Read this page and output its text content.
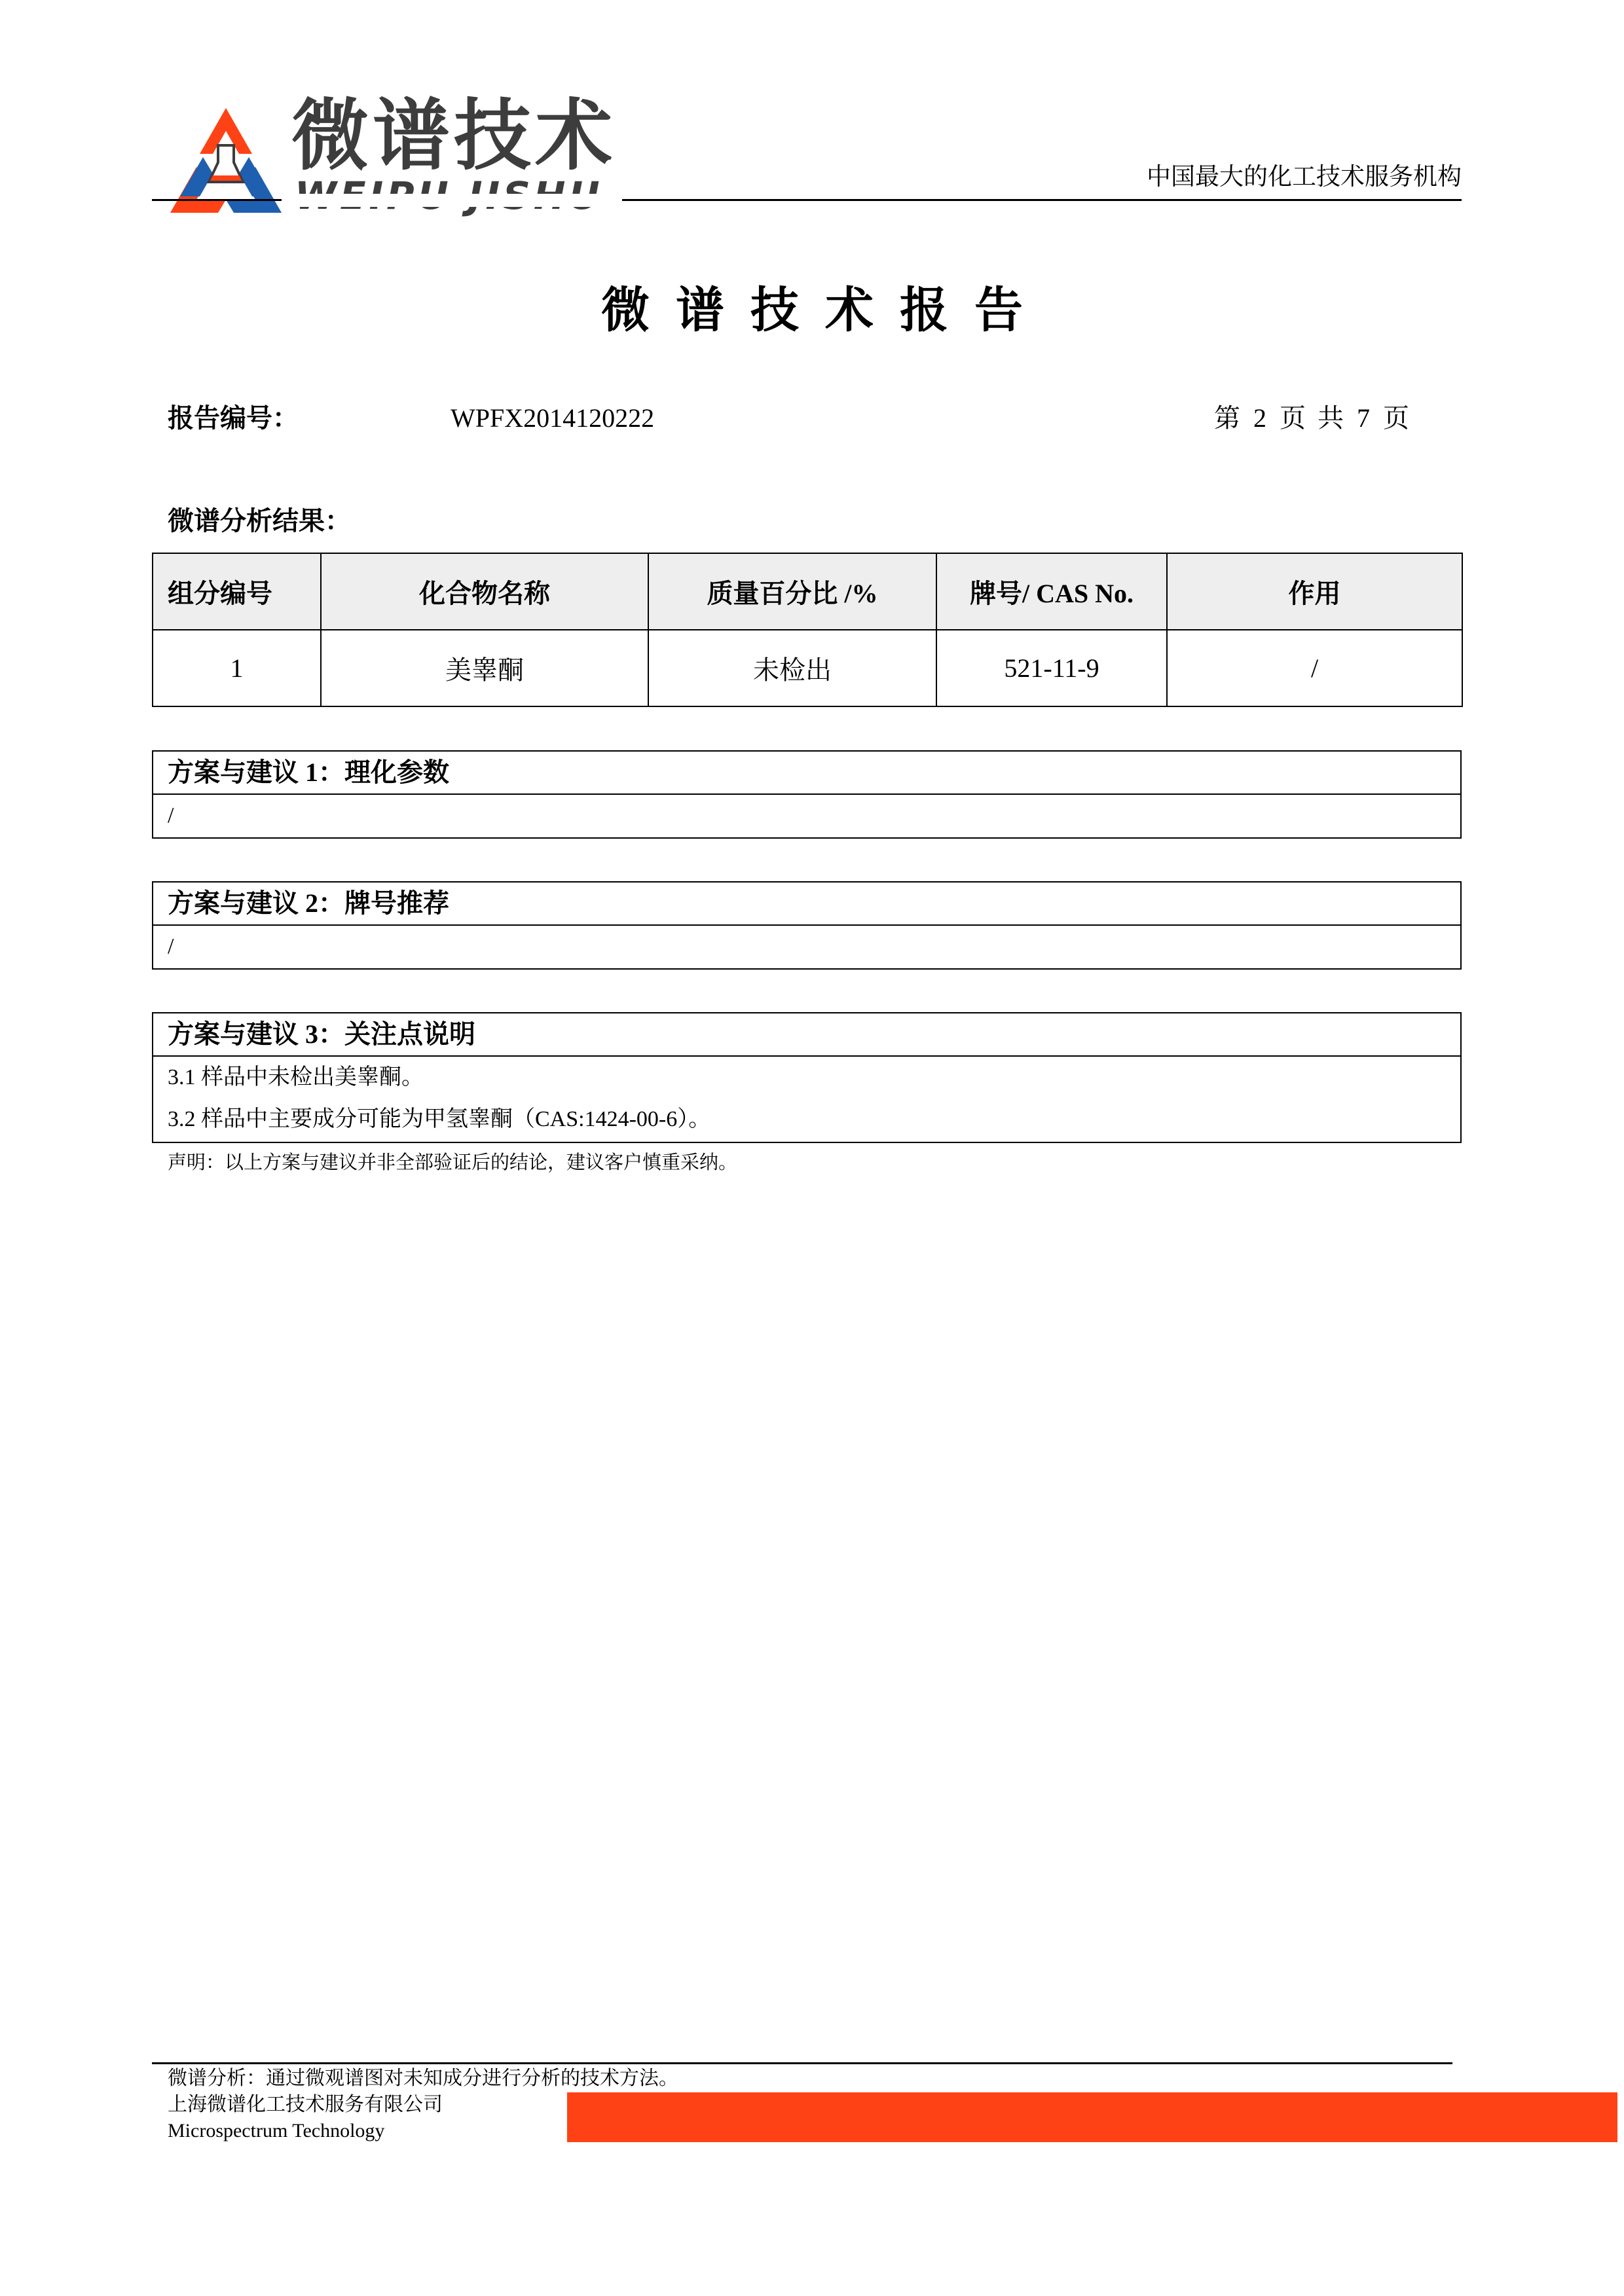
微谱技术	中国最大的化工技术服务机构
微谱技术报告
报告编号：	WPFX2014120222	第 2 页 共 7 页
微谱分析结果：
组分编号	化合物名称	质量百分比 /%	牌号/ CAS No.	作用
1	美睾酮	未检出	521-11-9	/
方案与建议 1：理化参数
/
方案与建议 2：牌号推荐
/
方案与建议 3：关注点说明
3.1 样品中未检出美睾酮。
3.2 样品中主要成分可能为甲氢睾酮（CAS:1424-00-6）。
声明：以上方案与建议并非全部验证后的结论，建议客户慎重采纳。
微谱分析：通过微观谱图对未知成分进行分析的技术方法。
上海微谱化工技术服务有限公司
Microspectrum Technology
